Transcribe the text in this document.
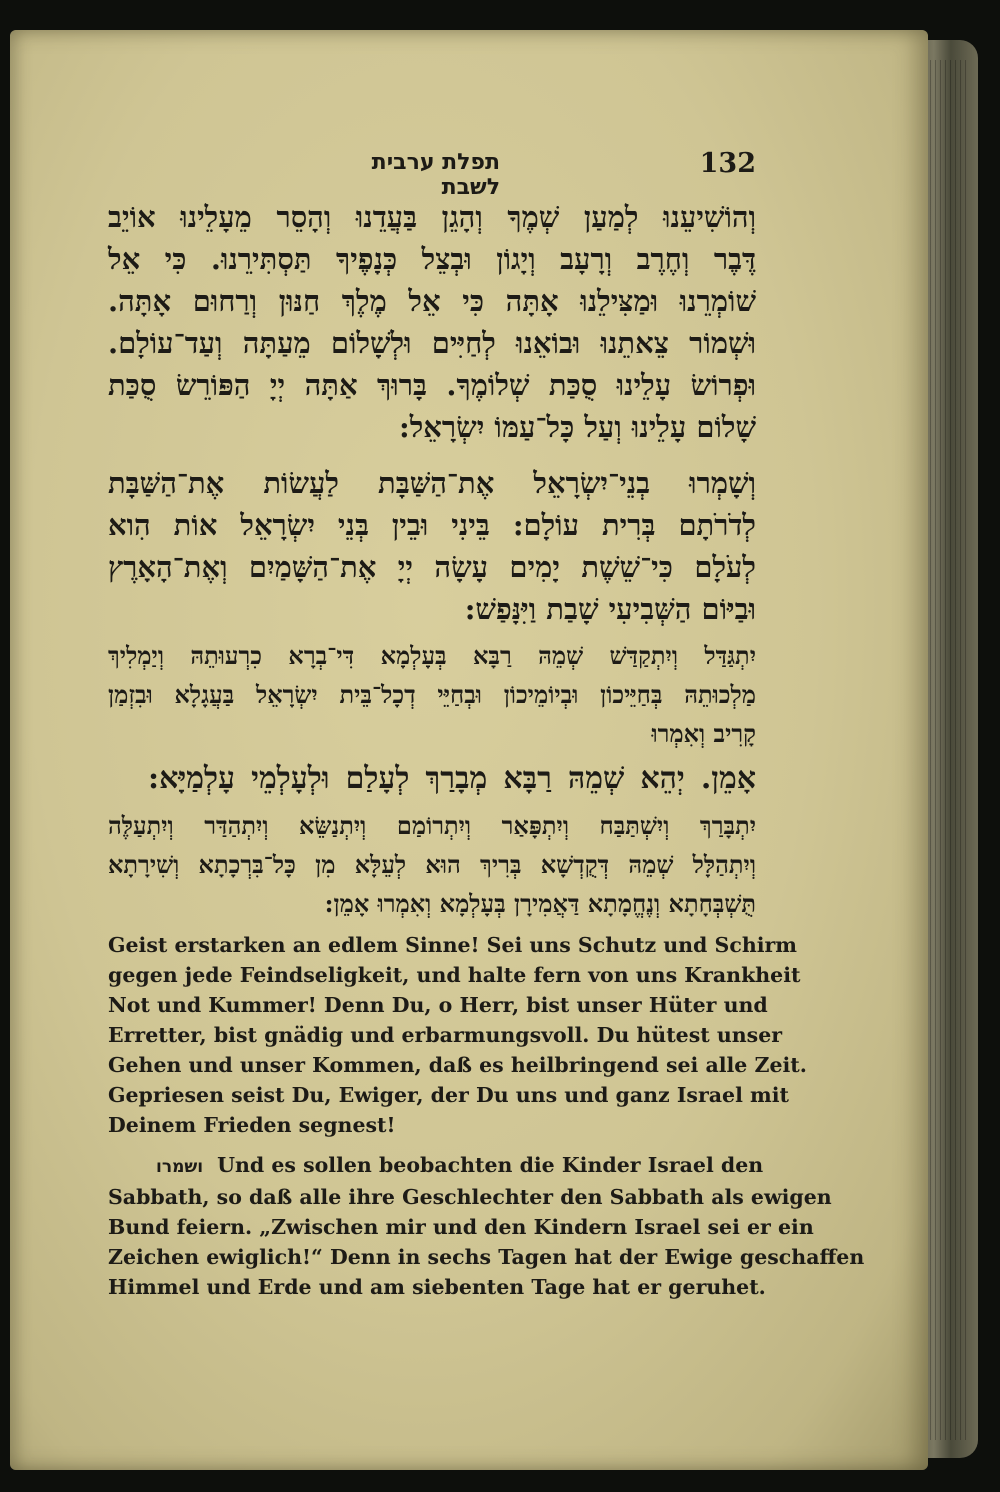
תפלת ערבית לשבת
132

וְהוֹשִׁיעֵנוּ לְמַעַן שְׁמֶךָ וְהָגֵן בַּעֲדֵנוּ וְהָסֵר מֵעָלֵינוּ אוֹיֵב

דֶּבֶר וְחֶרֶב וְרָעָב וְיָגוֹן וּבְצֵל כְּנָפֶיךָ תַּסְתִּירֵנוּ. כִּי אֵל

שׁוֹמְרֵנוּ וּמַצִּילֵנוּ אָתָּה כִּי אֵל מֶלֶךְ חַנּוּן וְרַחוּם אָתָּה.

וּשְׁמוֹר צֵאתֵנוּ וּבוֹאֵנוּ לְחַיִּים וּלְשָׁלוֹם מֵעַתָּה וְעַד־עוֹלָם.

וּפְרוֹשׂ עָלֵינוּ סֻכַּת שְׁלוֹמֶךָ. בָּרוּךְ אַתָּה יְיָ הַפּוֹרֵשׂ סֻכַּת

שָׁלוֹם עָלֵינוּ וְעַל כָּל־עַמּוֹ יִשְׂרָאֵל:

וְשָׁמְרוּ בְנֵי־יִשְׂרָאֵל אֶת־הַשַּׁבָּת לַעֲשׂוֹת אֶת־הַשַּׁבָּת

לְדֹרֹתָם בְּרִית עוֹלָם: בֵּינִי וּבֵין בְּנֵי יִשְׂרָאֵל אוֹת הִוא

לְעֹלָם כִּי־שֵׁשֶׁת יָמִים עָשָׂה יְיָ אֶת־הַשָּׁמַיִם וְאֶת־הָאָרֶץ

וּבַיּוֹם הַשְּׁבִיעִי שָׁבַת וַיִּנָּפַשׁ:

יִתְגַּדַּל וְיִתְקַדַּשׁ שְׁמֵהּ רַבָּא בְּעָלְמָא דִּי־בְרָא כִרְעוּתֵהּ וְיַמְלִיךְ

מַלְכוּתֵהּ בְּחַיֵּיכוֹן וּבְיוֹמֵיכוֹן וּבְחַיֵּי דְכָל־בֵּית יִשְׂרָאֵל בַּעֲגָלָא וּבִזְמַן

קָרִיב וְאִמְרוּ

אָמֵן. יְהֵא שְׁמֵהּ רַבָּא מְבָרַךְ לְעָלַם וּלְעָלְמֵי עָלְמַיָּא:

יִתְבָּרַךְ וְיִשְׁתַּבַּח וְיִתְפָּאַר וְיִתְרוֹמַם וְיִתְנַשֵּׂא וְיִתְהַדַּר וְיִתְעַלֶּה

וְיִתְהַלָּל שְׁמֵהּ דְּקֻדְשָׁא בְּרִיךְ הוּא לְעֵלָּא מִן כָּל־בִּרְכָתָא וְשִׁירָתָא

תֻּשְׁבְּחָתָא וְנֶחֱמָתָא דַּאֲמִירָן בְּעָלְמָא וְאִמְרוּ אָמֵן:

Geist erstarken an edlem Sinne! Sei uns Schutz und Schirm

gegen jede Feindseligkeit, und halte fern von uns Krankheit

Not und Kummer! Denn Du, o Herr, bist unser Hüter und

Erretter, bist gnädig und erbarmungsvoll. Du hütest unser

Gehen und unser Kommen, daß es heilbringend sei alle Zeit.

Gepriesen seist Du, Ewiger, der Du uns und ganz Israel mit

Deinem Frieden segnest!

ושמרו Und es sollen beobachten die Kinder Israel den

Sabbath, so daß alle ihre Geschlechter den Sabbath als ewigen

Bund feiern. „Zwischen mir und den Kindern Israel sei er ein

Zeichen ewiglich!“ Denn in sechs Tagen hat der Ewige geschaffen

Himmel und Erde und am siebenten Tage hat er geruhet.
